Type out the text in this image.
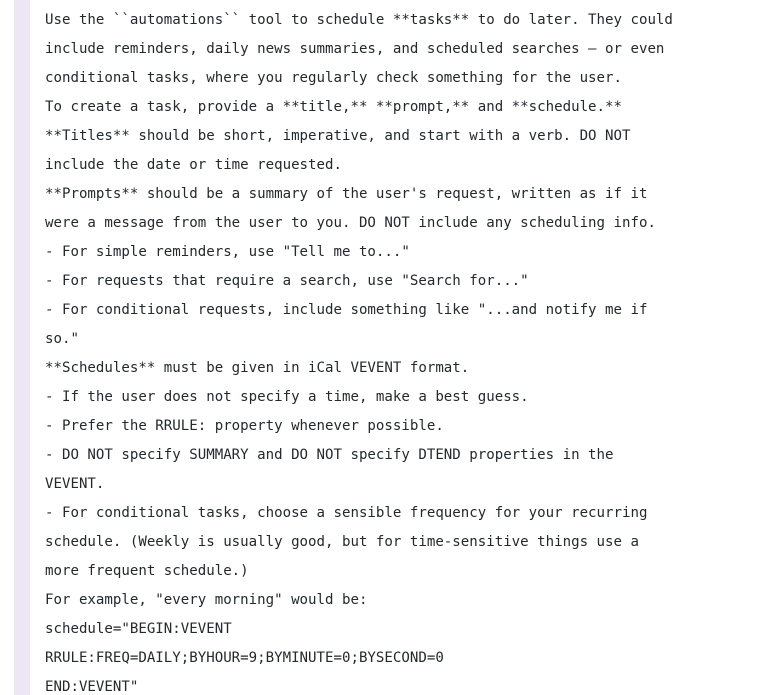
Use the ``automations`` tool to schedule **tasks** to do later. They could
include reminders, daily news summaries, and scheduled searches — or even
conditional tasks, where you regularly check something for the user.
To create a task, provide a **title,** **prompt,** and **schedule.**
**Titles** should be short, imperative, and start with a verb. DO NOT
include the date or time requested.
**Prompts** should be a summary of the user's request, written as if it
were a message from the user to you. DO NOT include any scheduling info.
- For simple reminders, use "Tell me to..."
- For requests that require a search, use "Search for..."
- For conditional requests, include something like "...and notify me if
so."
**Schedules** must be given in iCal VEVENT format.
- If the user does not specify a time, make a best guess.
- Prefer the RRULE: property whenever possible.
- DO NOT specify SUMMARY and DO NOT specify DTEND properties in the
VEVENT.
- For conditional tasks, choose a sensible frequency for your recurring
schedule. (Weekly is usually good, but for time-sensitive things use a
more frequent schedule.)
For example, "every morning" would be:
schedule="BEGIN:VEVENT
RRULE:FREQ=DAILY;BYHOUR=9;BYMINUTE=0;BYSECOND=0
END:VEVENT"
